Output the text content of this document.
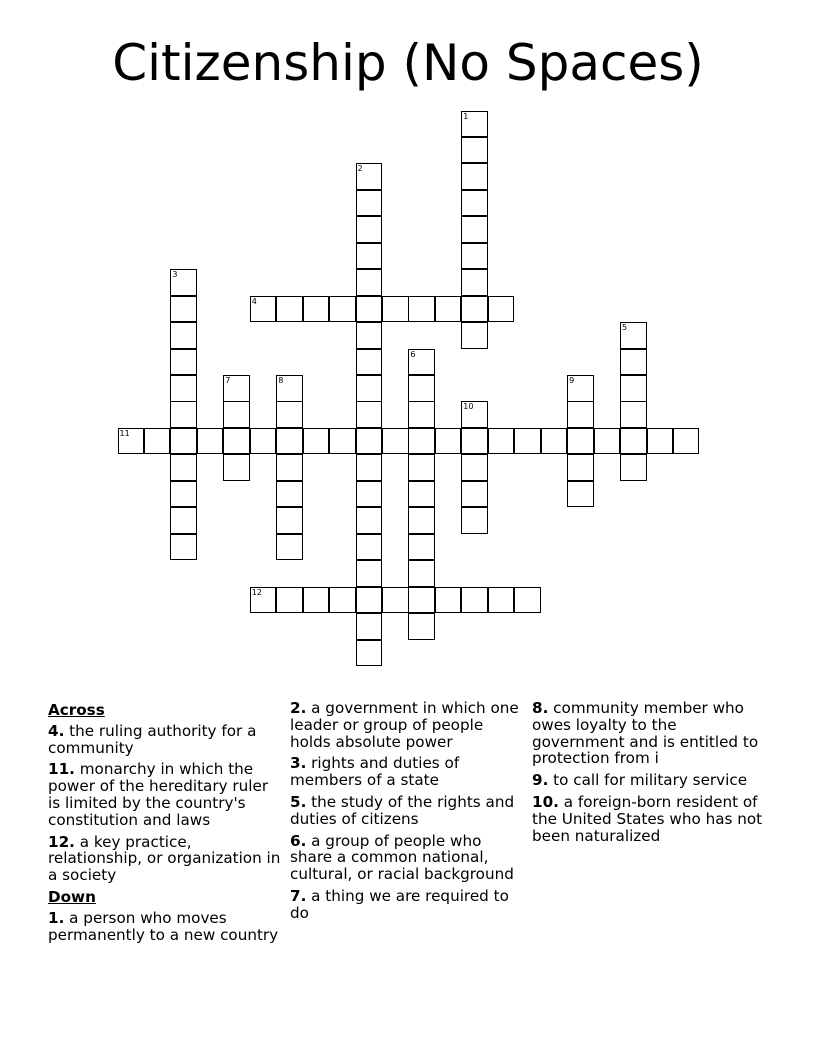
Citizenship (No Spaces)
1
2
3
4
5
6
7	8	9
10
11
12
Across
4. the ruling authority for a community
11. monarchy in which the power of the hereditary ruler is limited by the country's constitution and laws
12. a key practice, relationship, or organization in a society
Down
1. a person who moves permanently to a new country
2. a government in which one leader or group of people holds absolute power
3. rights and duties of members of a state
5. the study of the rights and duties of citizens
6. a group of people who share a common national, cultural, or racial background
7. a thing we are required to do
8. community member who owes loyalty to the government and is entitled to protection from i
9. to call for military service
10. a foreign-born resident of the United States who has not been naturalized
